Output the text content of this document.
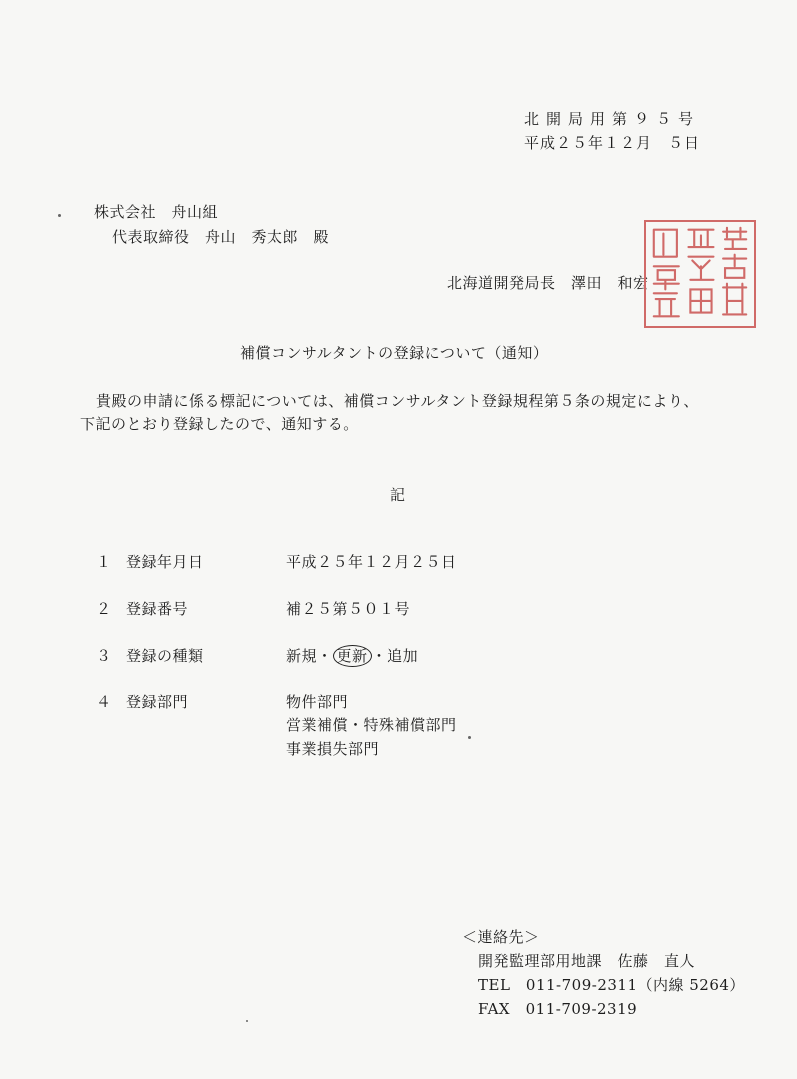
北開局用第９５号
平成２５年１２月　５日
株式会社　舟山組
代表取締役　舟山　秀太郎　殿
北海道開発局長　澤田　和宏
補償コンサルタントの登録について（通知）
貴殿の申請に係る標記については、補償コンサルタント登録規程第５条の規定により、
下記のとおり登録したので、通知する。
記
１ 登録年月日	平成２５年１２月２５日
２ 登録番号	補２５第５０１号
３ 登録の種類	新規・ 更新 ・追加
４ 登録部門	物件部門
営業補償・特殊補償部門
事業損失部門
＜連絡先＞
開発監理部用地課　佐藤　直人
TEL　011-709-2311（内線 5264）
FAX　011-709-2319
